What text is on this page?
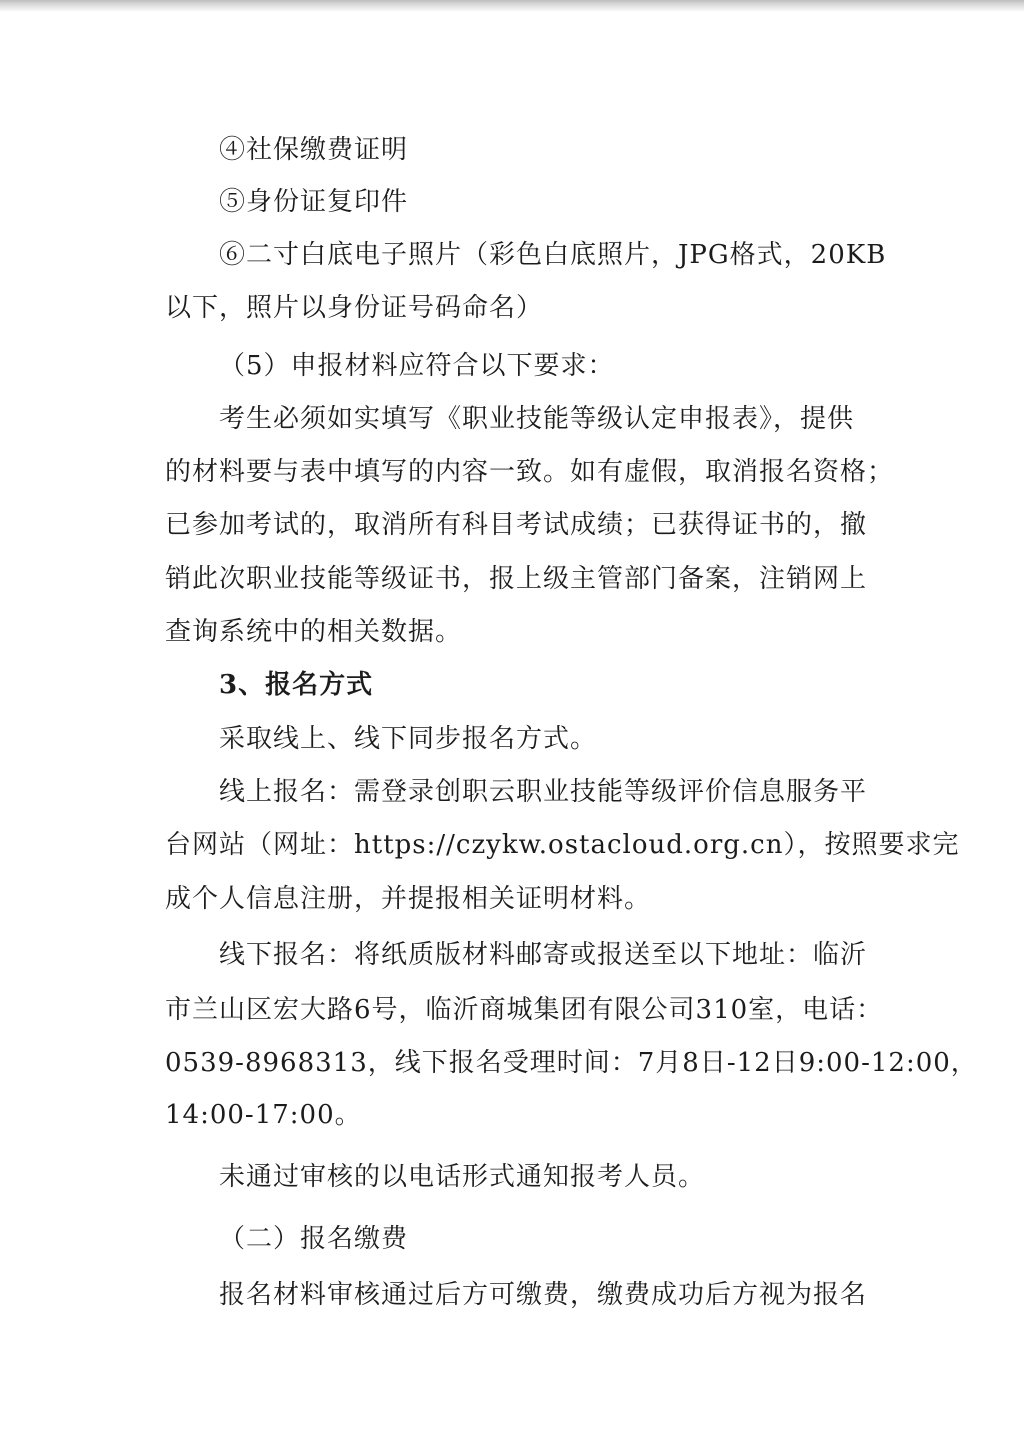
④社保缴费证明
⑤身份证复印件
⑥二寸白底电子照片（彩色白底照片，JPG格式，20KB
以下，照片以身份证号码命名）
（5）申报材料应符合以下要求：
考生必须如实填写《职业技能等级认定申报表》，提供
的材料要与表中填写的内容一致。如有虚假，取消报名资格；
已参加考试的，取消所有科目考试成绩；已获得证书的，撤
销此次职业技能等级证书，报上级主管部门备案，注销网上
查询系统中的相关数据。
3、报名方式
采取线上、线下同步报名方式。
线上报名：需登录创职云职业技能等级评价信息服务平
台网站（网址：https://czykw.ostacloud.org.cn），按照要求完
成个人信息注册，并提报相关证明材料。
线下报名：将纸质版材料邮寄或报送至以下地址：临沂
市兰山区宏大路6号，临沂商城集团有限公司310室，电话：
0539-8968313，线下报名受理时间：7月8日-12日9:00-12:00，
14:00-17:00。
未通过审核的以电话形式通知报考人员。
（二）报名缴费
报名材料审核通过后方可缴费，缴费成功后方视为报名
